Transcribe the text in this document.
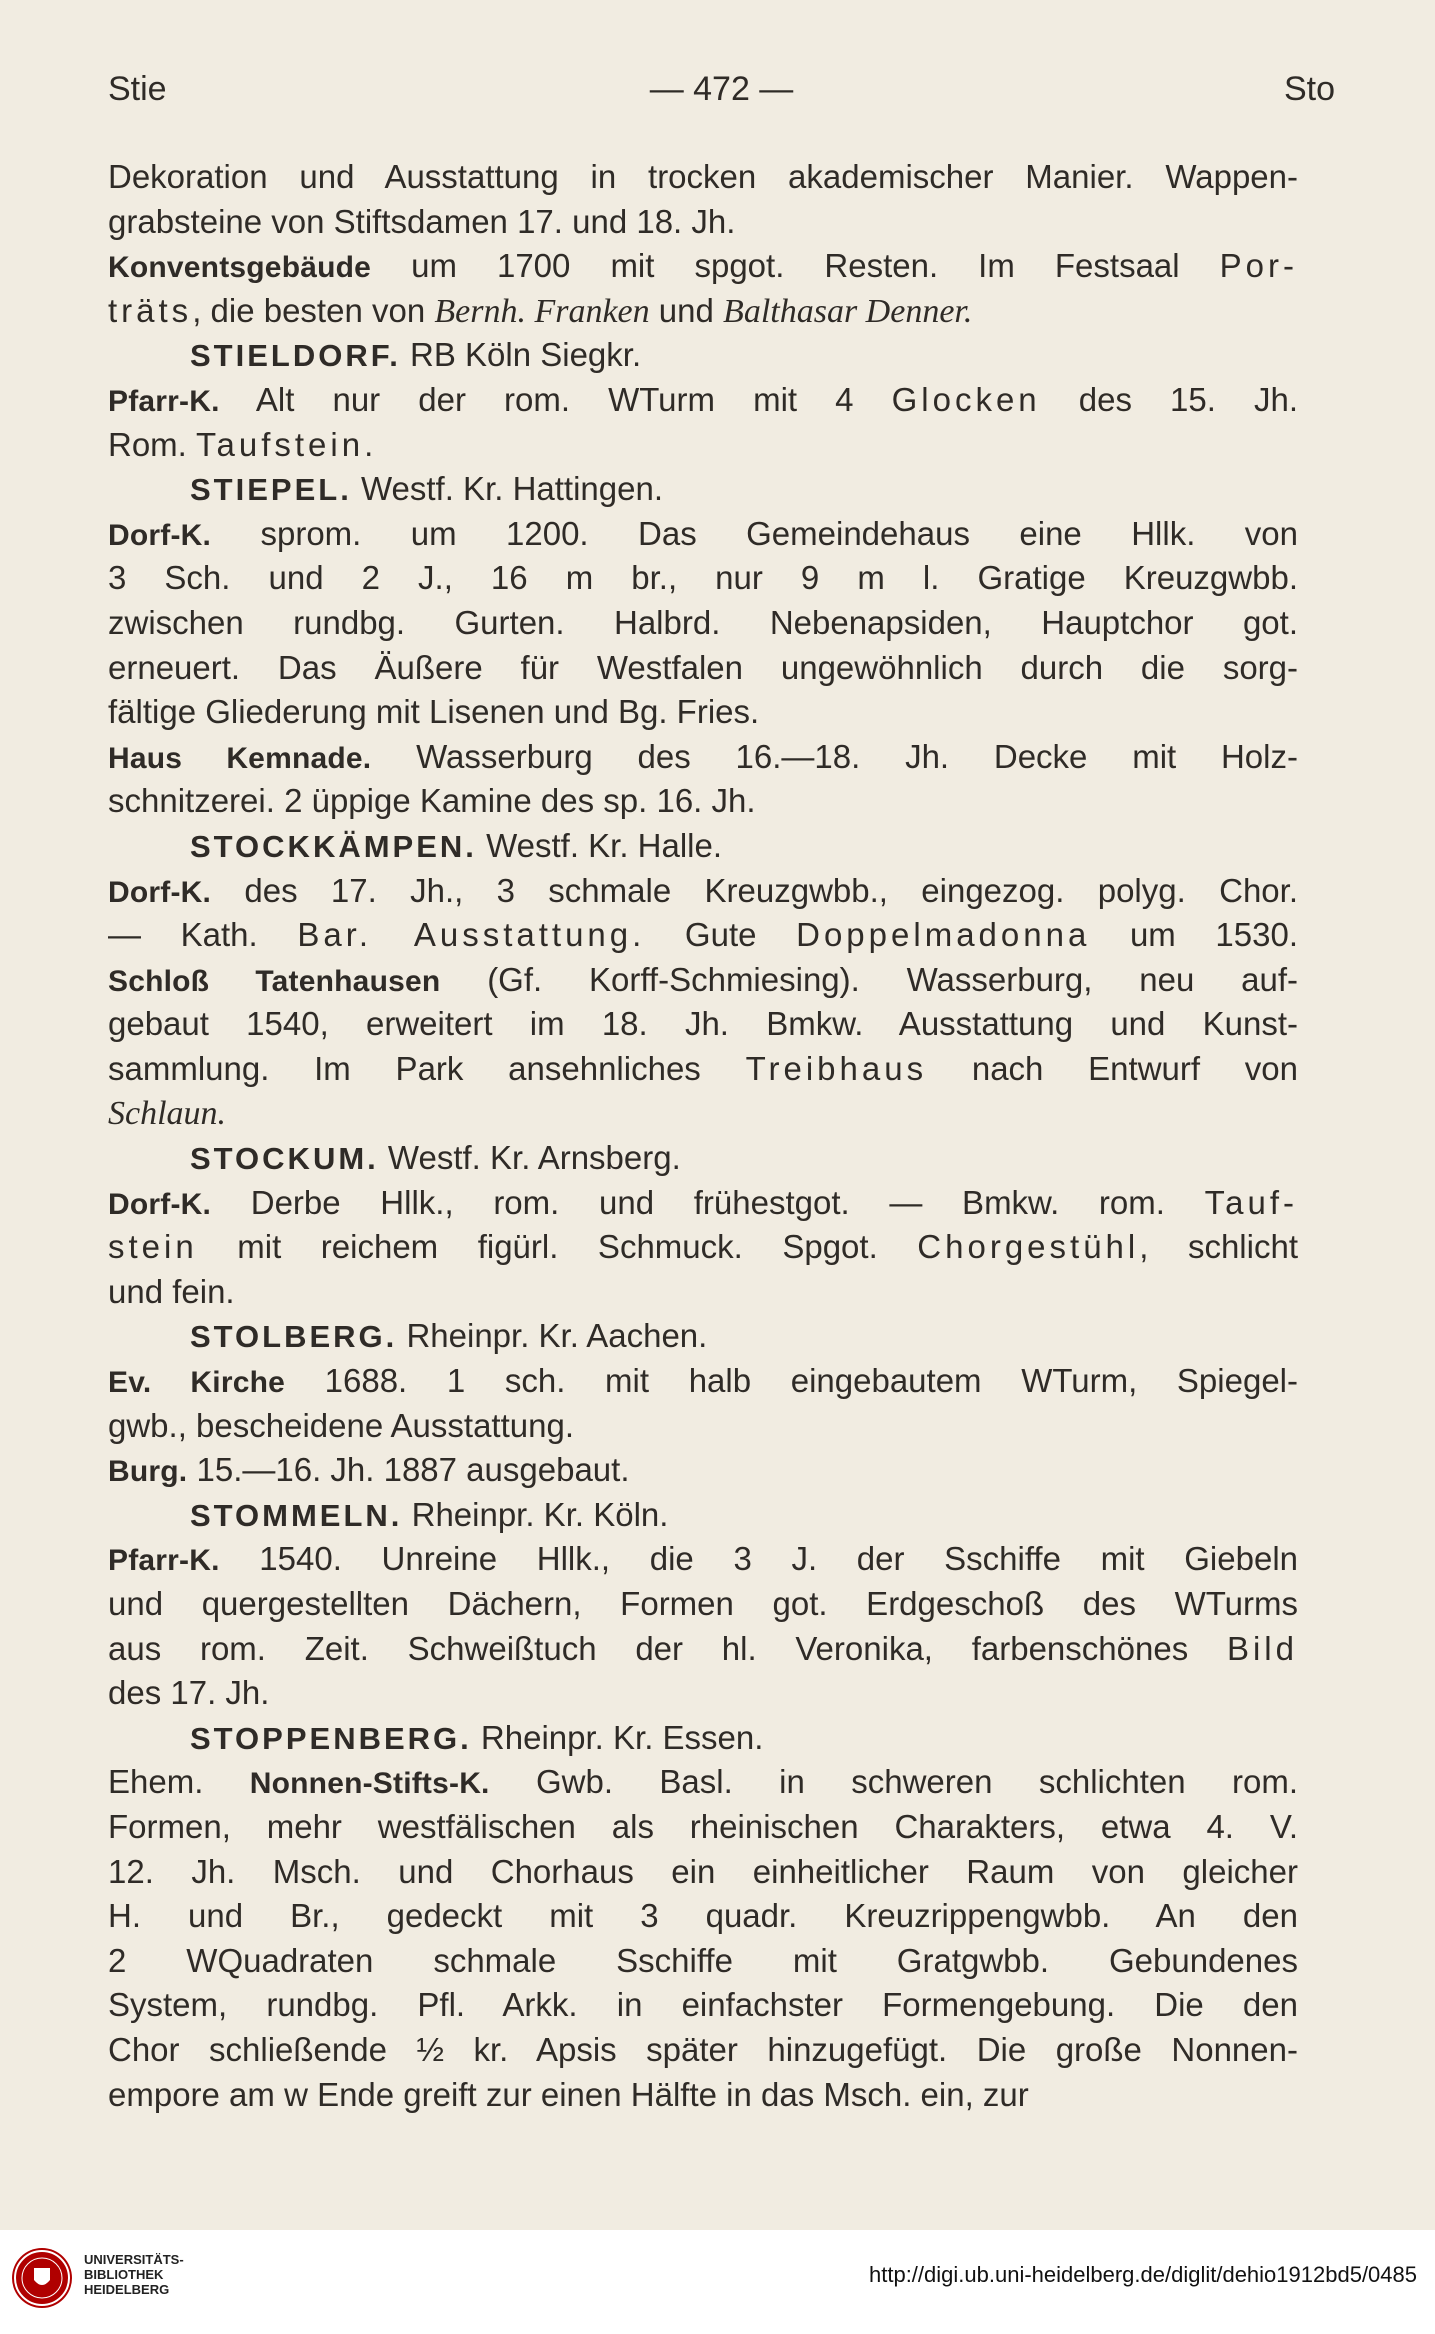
Stie	— 472 —	Sto
Dekoration und Ausstattung in trocken akademischer Manier. Wappen-
grabsteine von Stiftsdamen 17. und 18. Jh.
Konventsgebäude um 1700 mit spgot. Resten. Im Festsaal Por-
träts, die besten von Bernh. Franken und Balthasar Denner.
STIELDORF. RB Köln Siegkr.
Pfarr-K. Alt nur der rom. WTurm mit 4 Glocken des 15. Jh.
Rom. Taufstein.
STIEPEL. Westf. Kr. Hattingen.
Dorf-K. sprom. um 1200. Das Gemeindehaus eine Hllk. von
3 Sch. und 2 J., 16 m br., nur 9 m l. Gratige Kreuzgwbb.
zwischen rundbg. Gurten. Halbrd. Nebenapsiden, Hauptchor got.
erneuert. Das Äußere für Westfalen ungewöhnlich durch die sorg-
fältige Gliederung mit Lisenen und Bg. Fries.
Haus Kemnade. Wasserburg des 16.—18. Jh. Decke mit Holz-
schnitzerei. 2 üppige Kamine des sp. 16. Jh.
STOCKKÄMPEN. Westf. Kr. Halle.
Dorf-K. des 17. Jh., 3 schmale Kreuzgwbb., eingezog. polyg. Chor.
— Kath. Bar. Ausstattung. Gute Doppelmadonna um 1530.
Schloß Tatenhausen (Gf. Korff-Schmiesing). Wasserburg, neu auf-
gebaut 1540, erweitert im 18. Jh. Bmkw. Ausstattung und Kunst-
sammlung. Im Park ansehnliches Treibhaus nach Entwurf von
Schlaun.
STOCKUM. Westf. Kr. Arnsberg.
Dorf-K. Derbe Hllk., rom. und frühestgot. — Bmkw. rom. Tauf-
stein mit reichem figürl. Schmuck. Spgot. Chorgestühl, schlicht
und fein.
STOLBERG. Rheinpr. Kr. Aachen.
Ev. Kirche 1688. 1 sch. mit halb eingebautem WTurm, Spiegel-
gwb., bescheidene Ausstattung.
Burg. 15.—16. Jh. 1887 ausgebaut.
STOMMELN. Rheinpr. Kr. Köln.
Pfarr-K. 1540. Unreine Hllk., die 3 J. der Sschiffe mit Giebeln
und quergestellten Dächern, Formen got. Erdgeschoß des WTurms
aus rom. Zeit. Schweißtuch der hl. Veronika, farbenschönes Bild
des 17. Jh.
STOPPENBERG. Rheinpr. Kr. Essen.
Ehem. Nonnen-Stifts-K. Gwb. Basl. in schweren schlichten rom.
Formen, mehr westfälischen als rheinischen Charakters, etwa 4. V.
12. Jh. Msch. und Chorhaus ein einheitlicher Raum von gleicher
H. und Br., gedeckt mit 3 quadr. Kreuzrippengwbb. An den
2 WQuadraten schmale Sschiffe mit Gratgwbb. Gebundenes
System, rundbg. Pfl. Arkk. in einfachster Formengebung. Die den
Chor schließende ½ kr. Apsis später hinzugefügt. Die große Nonnen-
empore am w Ende greift zur einen Hälfte in das Msch. ein, zur
UNIVERSITÄTS-
BIBLIOTHEK
HEIDELBERG
http://digi.ub.uni-heidelberg.de/diglit/dehio1912bd5/0485
